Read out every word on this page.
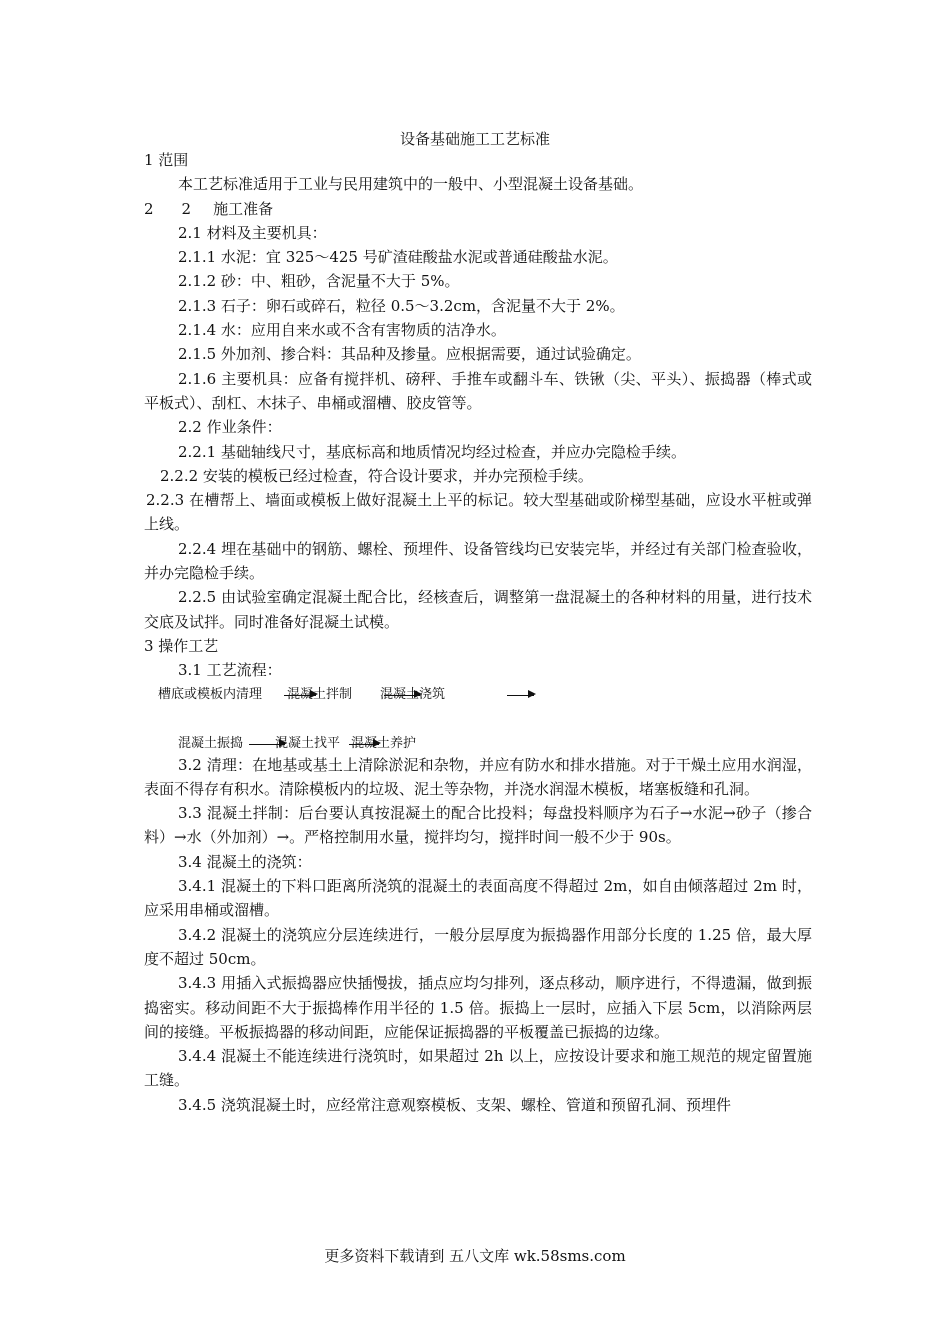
设备基础施工工艺标准

1 范围

本工艺标准适用于工业与民用建筑中的一般中、小型混凝土设备基础。

2 2 施工准备

2.1 材料及主要机具：

2.1.1 水泥：宜 325～425 号矿渣硅酸盐水泥或普通硅酸盐水泥。

2.1.2 砂：中、粗砂，含泥量不大于 5%。

2.1.3 石子：卵石或碎石，粒径 0.5～3.2cm，含泥量不大于 2%。

2.1.4 水：应用自来水或不含有害物质的洁净水。

2.1.5 外加剂、掺合料：其品种及掺量。应根据需要，通过试验确定。

2.1.6 主要机具：应备有搅拌机、磅秤、手推车或翻斗车、铁锹（尖、平头）、振捣器（棒式或平板式）、刮杠、木抹子、串桶或溜槽、胶皮管等。

2.2 作业条件：

2.2.1 基础轴线尺寸，基底标高和地质情况均经过检查，并应办完隐检手续。

2.2.2 安装的模板已经过检查，符合设计要求，并办完预检手续。

2.2.3 在槽帮上、墙面或模板上做好混凝土上平的标记。较大型基础或阶梯型基础，应设水平桩或弹上线。

2.2.4 埋在基础中的钢筋、螺栓、预埋件、设备管线均已安装完毕，并经过有关部门检查验收，并办完隐检手续。

2.2.5 由试验室确定混凝土配合比，经核查后，调整第一盘混凝土的各种材料的用量，进行技术交底及试拌。同时准备好混凝土试模。

3 操作工艺

3.1 工艺流程：

槽底或模板内清理 混凝土拌制 混凝土浇筑
混凝土振捣 混凝土找平 混凝土养护

3.2 清理：在地基或基土上清除淤泥和杂物，并应有防水和排水措施。对于干燥土应用水润湿，表面不得存有积水。清除模板内的垃圾、泥土等杂物，并浇水润湿木模板，堵塞板缝和孔洞。

3.3 混凝土拌制：后台要认真按混凝土的配合比投料；每盘投料顺序为石子→水泥→砂子（掺合料）→水（外加剂）→。严格控制用水量，搅拌均匀，搅拌时间一般不少于 90s。

3.4 混凝土的浇筑：

3.4.1 混凝土的下料口距离所浇筑的混凝土的表面高度不得超过 2m，如自由倾落超过 2m 时，应采用串桶或溜槽。

3.4.2 混凝土的浇筑应分层连续进行，一般分层厚度为振捣器作用部分长度的 1.25 倍，最大厚度不超过 50cm。

3.4.3 用插入式振捣器应快插慢拔，插点应均匀排列，逐点移动，顺序进行，不得遗漏，做到振捣密实。移动间距不大于振捣棒作用半径的 1.5 倍。振捣上一层时，应插入下层 5cm，以消除两层间的接缝。平板振捣器的移动间距，应能保证振捣器的平板覆盖已振捣的边缘。

3.4.4 混凝土不能连续进行浇筑时，如果超过 2h 以上，应按设计要求和施工规范的规定留置施工缝。

3.4.5 浇筑混凝土时，应经常注意观察模板、支架、螺栓、管道和预留孔洞、预埋件

更多资料下载请到 五八文库 wk.58sms.com
